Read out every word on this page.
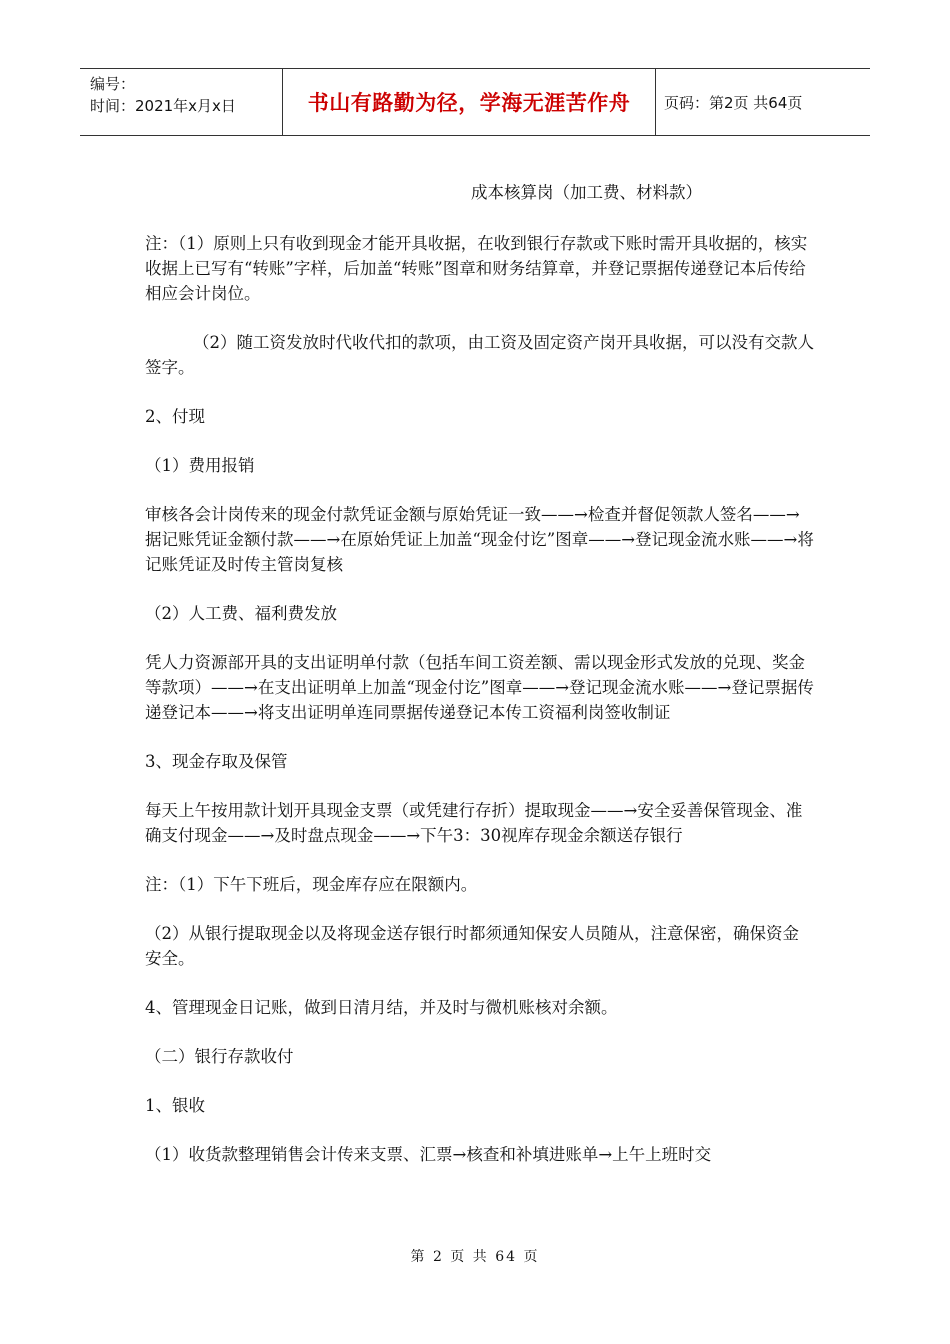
编号：
时间：2021年x月x日	书山有路勤为径，学海无涯苦作舟	页码：第2页 共64页

成本核算岗（加工费、材料款）

注：（1）原则上只有收到现金才能开具收据，在收到银行存款或下账时需开具收据的，核实收据上已写有“转账”字样，后加盖“转账”图章和财务结算章，并登记票据传递登记本后传给相应会计岗位。

（2）随工资发放时代收代扣的款项，由工资及固定资产岗开具收据，可以没有交款人签字。

2、付现

（1）费用报销

审核各会计岗传来的现金付款凭证金额与原始凭证一致——→检查并督促领款人签名——→据记账凭证金额付款——→在原始凭证上加盖“现金付讫”图章——→登记现金流水账——→将记账凭证及时传主管岗复核

（2）人工费、福利费发放

凭人力资源部开具的支出证明单付款（包括车间工资差额、需以现金形式发放的兑现、奖金等款项）——→在支出证明单上加盖“现金付讫”图章——→登记现金流水账——→登记票据传递登记本——→将支出证明单连同票据传递登记本传工资福利岗签收制证

3、现金存取及保管

每天上午按用款计划开具现金支票（或凭建行存折）提取现金——→安全妥善保管现金、准确支付现金——→及时盘点现金——→下午3：30视库存现金余额送存银行

注：（1）下午下班后，现金库存应在限额内。

（2）从银行提取现金以及将现金送存银行时都须通知保安人员随从，注意保密，确保资金安全。

4、管理现金日记账，做到日清月结，并及时与微机账核对余额。

（二）银行存款收付

1、银收

（1）收货款整理销售会计传来支票、汇票→核查和补填进账单→上午上班时交

第 2 页 共 64 页
